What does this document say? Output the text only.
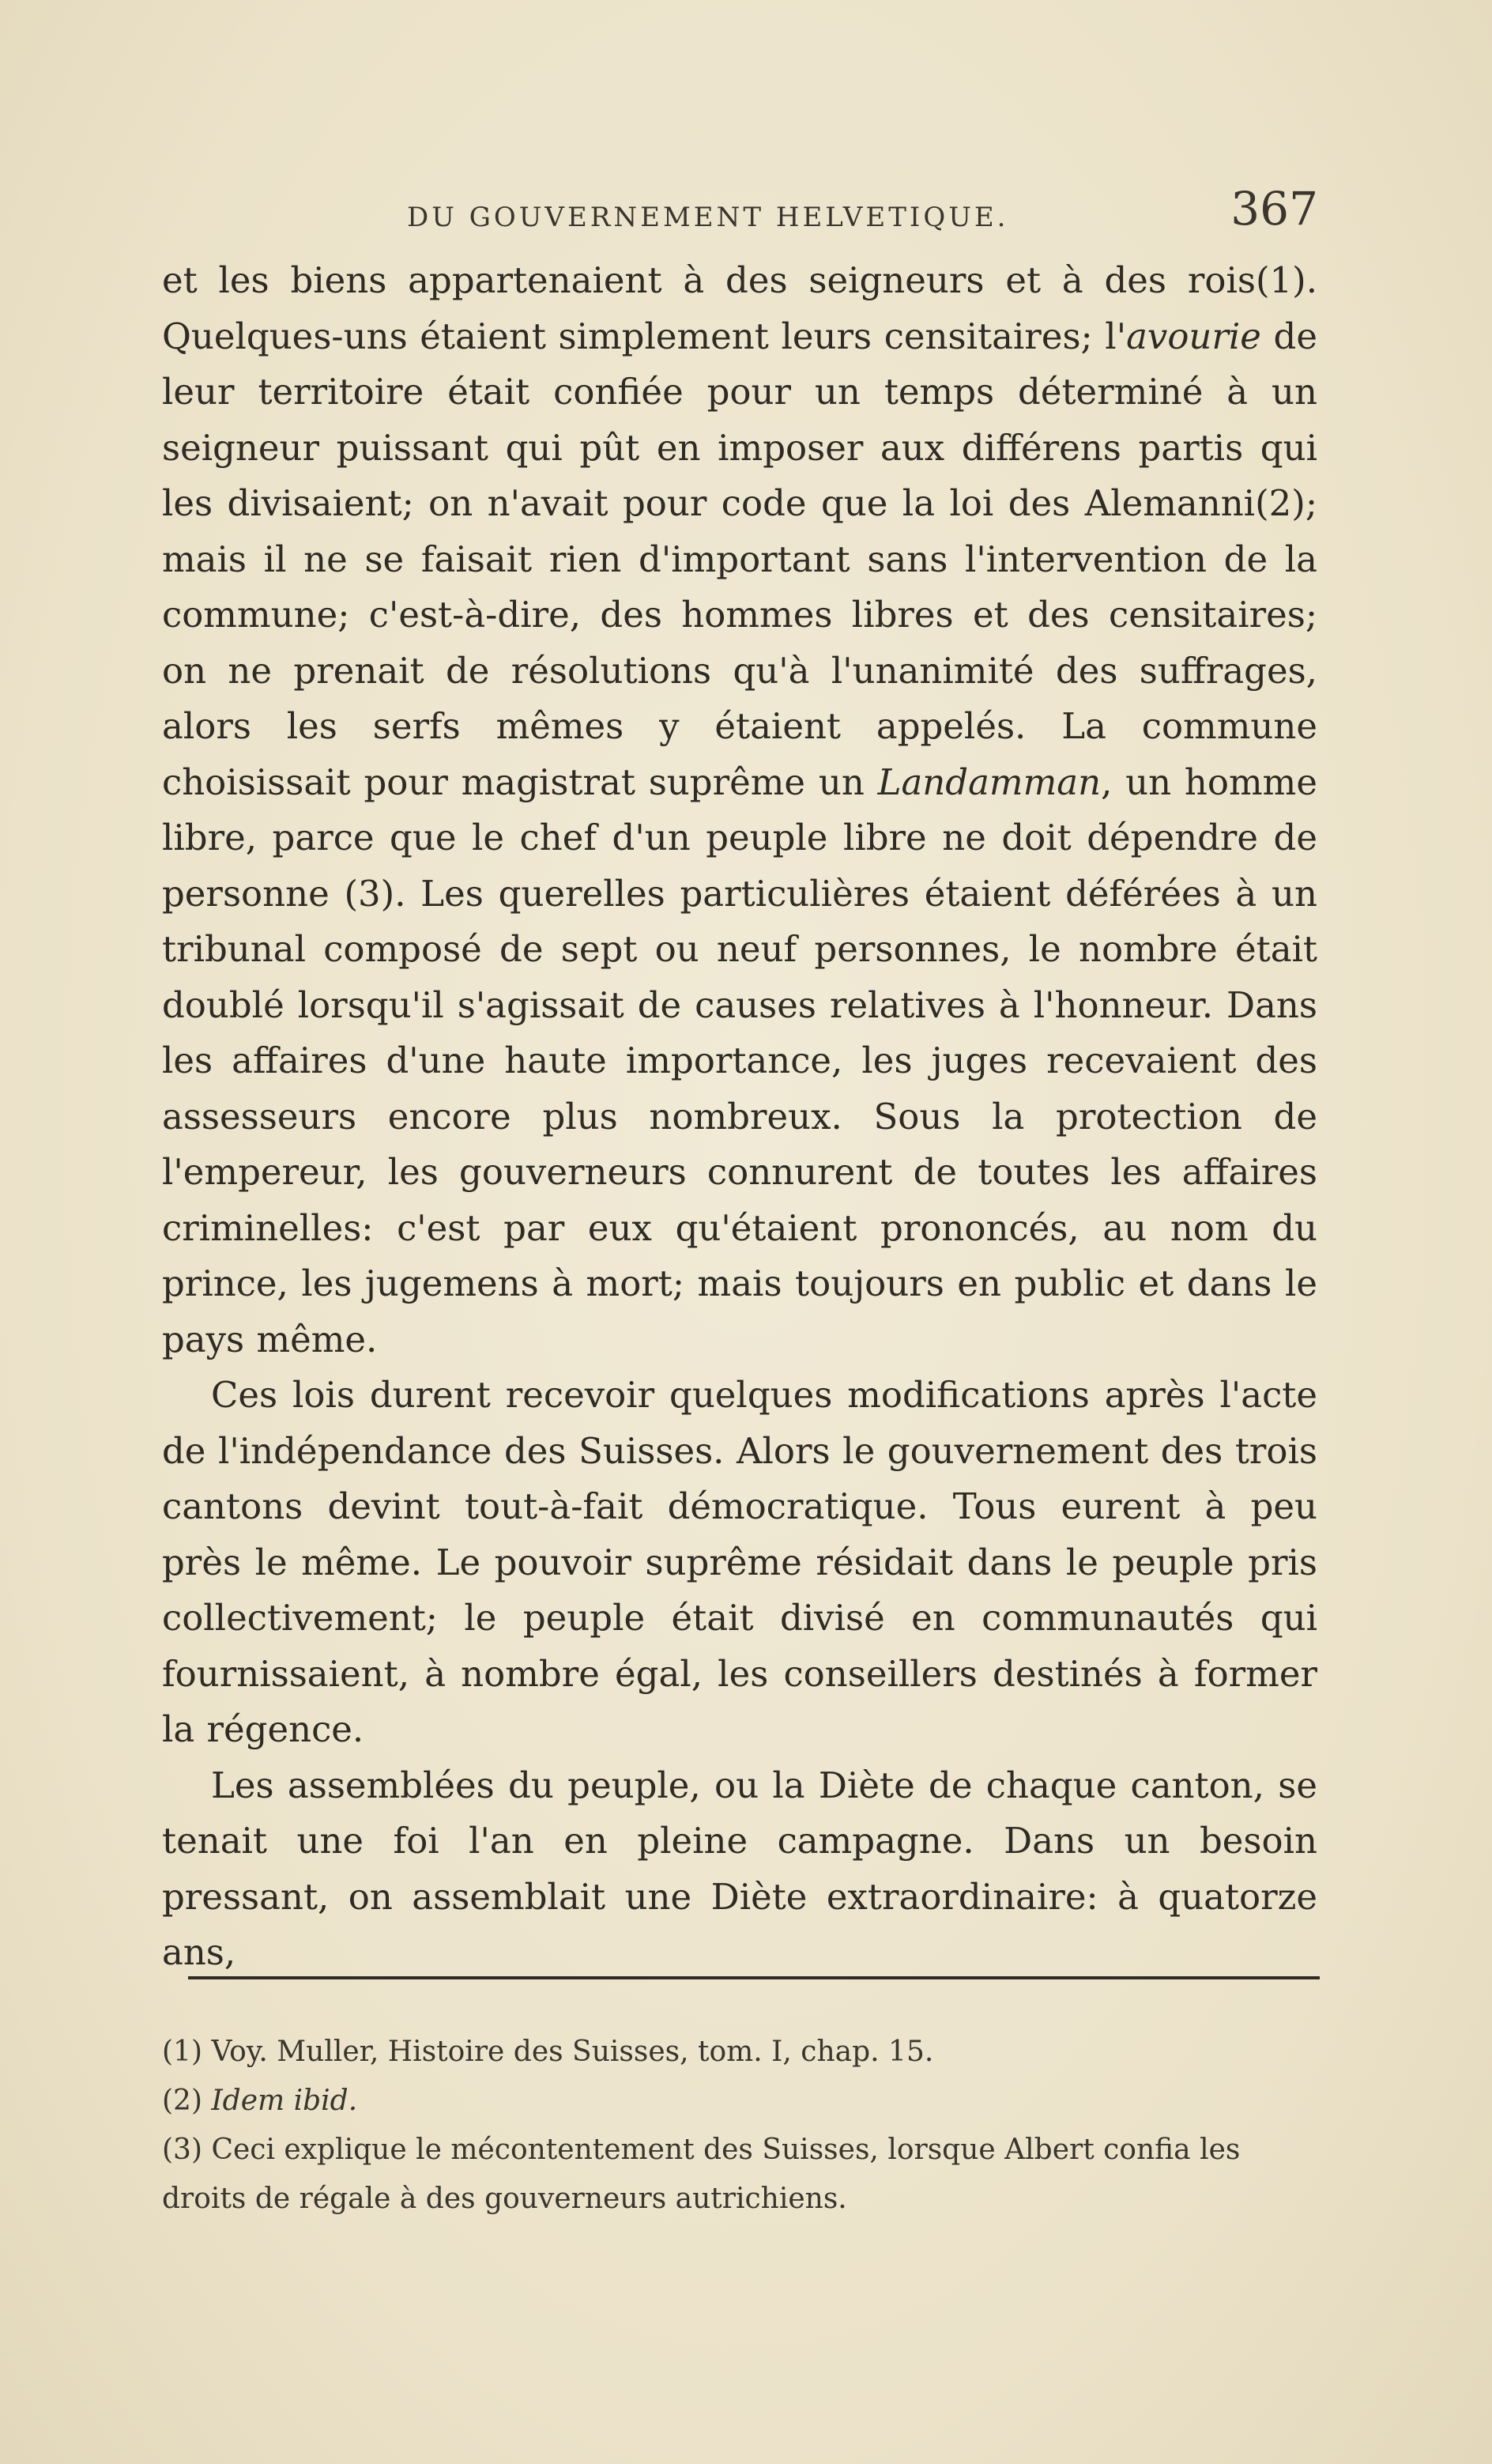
DU GOUVERNEMENT HELVETIQUE.	367

et les biens appartenaient à des seigneurs et à des rois(1). Quelques-uns étaient simplement leurs censitaires; l'avourie de leur territoire était confiée pour un temps déterminé à un seigneur puissant qui pût en imposer aux différens partis qui les divisaient; on n'avait pour code que la loi des Alemanni(2); mais il ne se faisait rien d'important sans l'intervention de la commune; c'est-à-dire, des hommes libres et des censitaires; on ne prenait de résolutions qu'à l'unanimité des suffrages, alors les serfs mêmes y étaient appelés. La commune choisissait pour magistrat suprême un Landamman, un homme libre, parce que le chef d'un peuple libre ne doit dépendre de personne (3). Les querelles particulières étaient déférées à un tribunal composé de sept ou neuf personnes, le nombre était doublé lorsqu'il s'agissait de causes relatives à l'honneur. Dans les affaires d'une haute importance, les juges recevaient des assesseurs encore plus nombreux. Sous la protection de l'empereur, les gouverneurs connurent de toutes les affaires criminelles: c'est par eux qu'étaient prononcés, au nom du prince, les jugemens à mort; mais toujours en public et dans le pays même.

Ces lois durent recevoir quelques modifications après l'acte de l'indépendance des Suisses. Alors le gouvernement des trois cantons devint tout-à-fait démocratique. Tous eurent à peu près le même. Le pouvoir suprême résidait dans le peuple pris collectivement; le peuple était divisé en communautés qui fournissaient, à nombre égal, les conseillers destinés à former la régence.

Les assemblées du peuple, ou la Diète de chaque canton, se tenait une foi l'an en pleine campagne. Dans un besoin pressant, on assemblait une Diète extraordinaire: à quatorze ans,

(1) Voy. Muller, Histoire des Suisses, tom. I, chap. 15.

(2) Idem ibid.

(3) Ceci explique le mécontentement des Suisses, lorsque Albert confia les droits de régale à des gouverneurs autrichiens.
